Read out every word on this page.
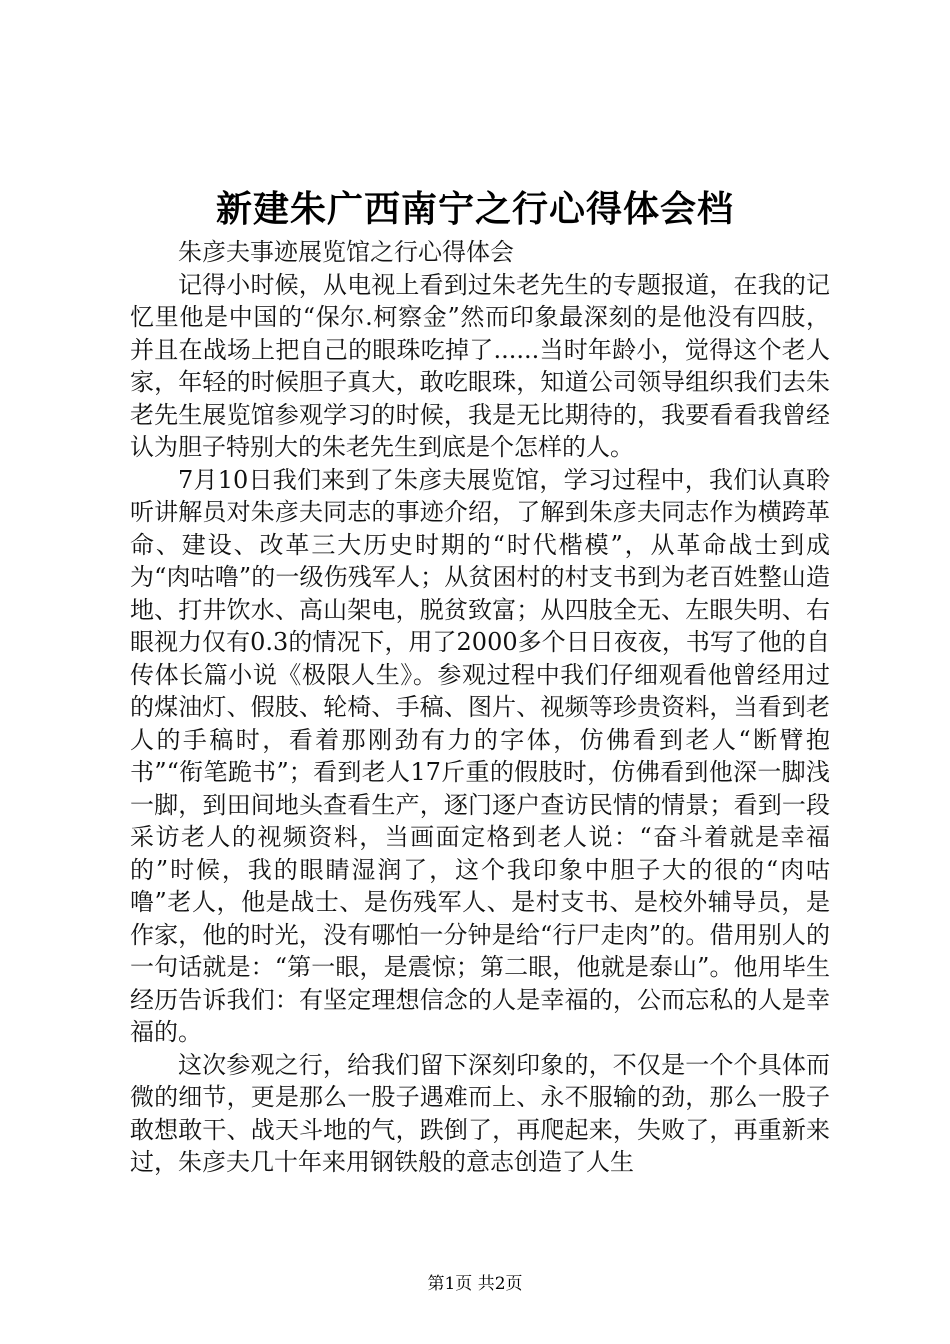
新建朱广西南宁之行心得体会档

朱彦夫事迹展览馆之行心得体会

记得小时候，从电视上看到过朱老先生的专题报道，在我的记忆里他是中国的“保尔.柯察金”然而印象最深刻的是他没有四肢，并且在战场上把自己的眼珠吃掉了......当时年龄小，觉得这个老人家，年轻的时候胆子真大，敢吃眼珠，知道公司领导组织我们去朱老先生展览馆参观学习的时候，我是无比期待的，我要看看我曾经认为胆子特别大的朱老先生到底是个怎样的人。

7月10日我们来到了朱彦夫展览馆，学习过程中，我们认真聆听讲解员对朱彦夫同志的事迹介绍，了解到朱彦夫同志作为横跨革命、建设、改革三大历史时期的“时代楷模”，从革命战士到成为“肉咕噜”的一级伤残军人；从贫困村的村支书到为老百姓整山造地、打井饮水、高山架电，脱贫致富；从四肢全无、左眼失明、右眼视力仅有0.3的情况下，用了2000多个日日夜夜，书写了他的自传体长篇小说《极限人生》。参观过程中我们仔细观看他曾经用过的煤油灯、假肢、轮椅、手稿、图片、视频等珍贵资料，当看到老人的手稿时，看着那刚劲有力的字体，仿佛看到老人“断臂抱书”“衔笔跪书”；看到老人17斤重的假肢时，仿佛看到他深一脚浅一脚，到田间地头查看生产，逐门逐户查访民情的情景；看到一段采访老人的视频资料，当画面定格到老人说：“奋斗着就是幸福的”时候，我的眼睛湿润了，这个我印象中胆子大的很的“肉咕噜”老人，他是战士、是伤残军人、是村支书、是校外辅导员，是作家，他的时光，没有哪怕一分钟是给“行尸走肉”的。借用别人的一句话就是：“第一眼，是震惊；第二眼，他就是泰山”。他用毕生经历告诉我们：有坚定理想信念的人是幸福的，公而忘私的人是幸福的。

这次参观之行，给我们留下深刻印象的，不仅是一个个具体而微的细节，更是那么一股子遇难而上、永不服输的劲，那么一股子敢想敢干、战天斗地的气，跌倒了，再爬起来，失败了，再重新来过，朱彦夫几十年来用钢铁般的意志创造了人生

第1页 共2页
